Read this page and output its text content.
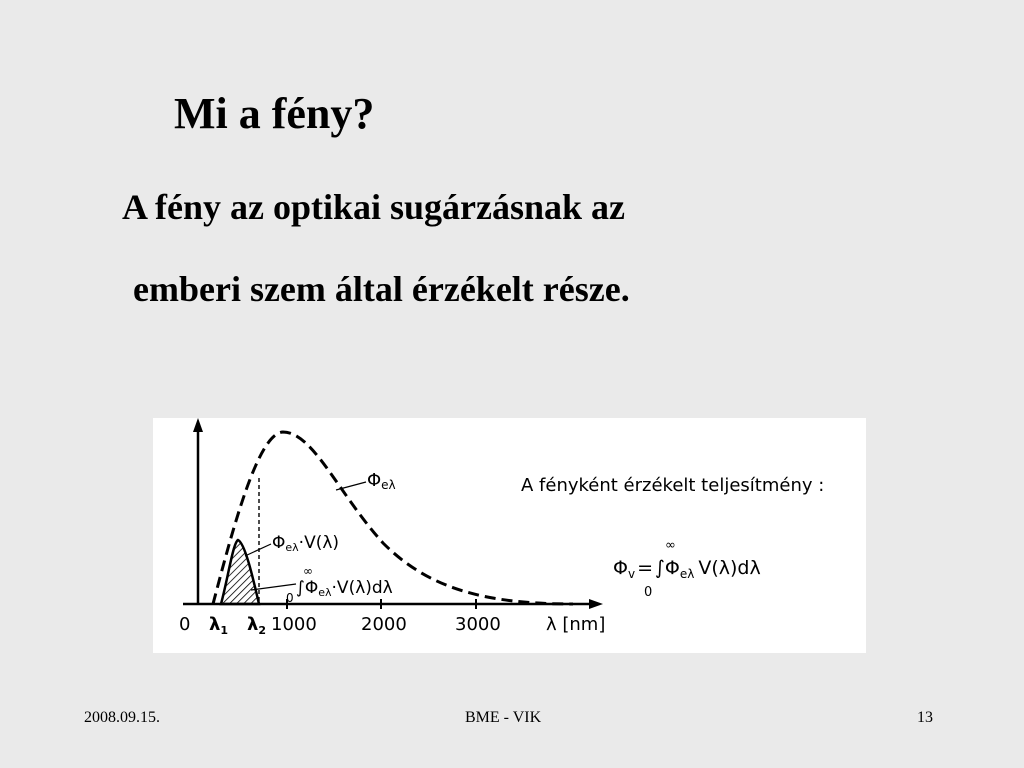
Mi a fény?
A fény az optikai sugárzásnak az
emberi szem által érzékelt része.
0	1000 2000	3000
$\lambda_1$ $\lambda_2$	λ [nm]
Φeλ
Φeλ·V(λ)
∞
∫Φeλ·V(λ)dλ
0
A fényként érzékelt teljesítmény :
∞
$\Phi_v = \int\Phi_{e\lambda}$ V(λ)dλ
0
2008.09.15.	BME - VIK	13
